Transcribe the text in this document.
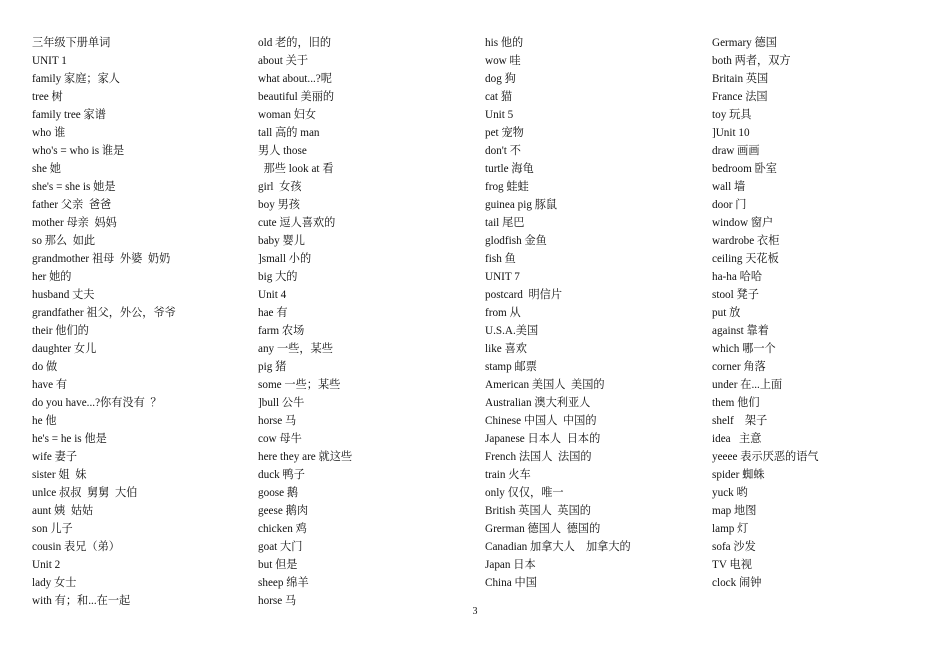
三年级下册单词
UNIT 1
family 家庭；家人
tree 树
family tree 家谱
who 谁
who's = who is 谁是
she 她
she's = she is 她是
father 父亲  爸爸
mother 母亲  妈妈
so 那么  如此
grandmother 祖母  外婆  奶奶
her 她的
husband 丈夫
grandfather 祖父，外公，爷爷
their 他们的
daughter 女儿
do 做
have 有
do you have...?你有没有  ？
he 他
he's = he is 他是
wife 妻子
sister 姐  妹
unlce 叔叔  舅舅  大伯
aunt 姨  姑姑
son 儿子
cousin 表兄（弟）
Unit 2
lady 女士
with 有；和...在一起
old 老的，旧的
about 关于
what about...?呢
beautiful 美丽的
woman 妇女
tall 高的 man
男人 those
那些 look at 看
girl  女孩
boy 男孩
cute 逗人喜欢的
baby 婴儿
]small 小的
big 大的
Unit 4
hae 有
farm 农场
any 一些，某些
pig 猪
some 一些；某些
]bull 公牛
horse 马
cow 母牛
here they are 就这些
duck 鸭子
goose 鹅
geese 鹅肉
chicken 鸡
goat 大门
but 但是
sheep 绵羊
horse 马
his 他的
wow 哇
dog 狗
cat 猫
Unit 5
pet 宠物
don't 不
turtle 海龟
frog 蛙蛙
guinea pig 豚鼠
tail 尾巴
glodfish 金鱼
fish 鱼
UNIT 7
postcard  明信片
from 从
U.S.A.美国
like 喜欢
stamp 邮票
American 美国人  美国的
Australian 澳大利亚人
Chinese 中国人  中国的
Japanese 日本人  日本的
French 法国人  法国的
train 火车
only 仅仅，唯一
British 英国人  英国的
Grerman 德国人  德国的
Canadian 加拿大人    加拿大的
Japan 日本
China 中国
Germary 德国
both 两者，双方
Britain 英国
France 法国
toy 玩具
]Unit 10
draw 画画
bedroom 卧室
wall 墙
door 门
window 窗户
wardrobe 衣柜
ceiling 天花板
ha-ha 哈哈
stool 凳子
put 放
against 靠着
which 哪一个
corner 角落
under 在...上面
them 他们
shelf    架子
idea   主意
yeeee 表示厌恶的语气
spider 蜘蛛
yuck 哟
map 地图
lamp 灯
sofa 沙发
TV 电视
clock 闹钟
3
